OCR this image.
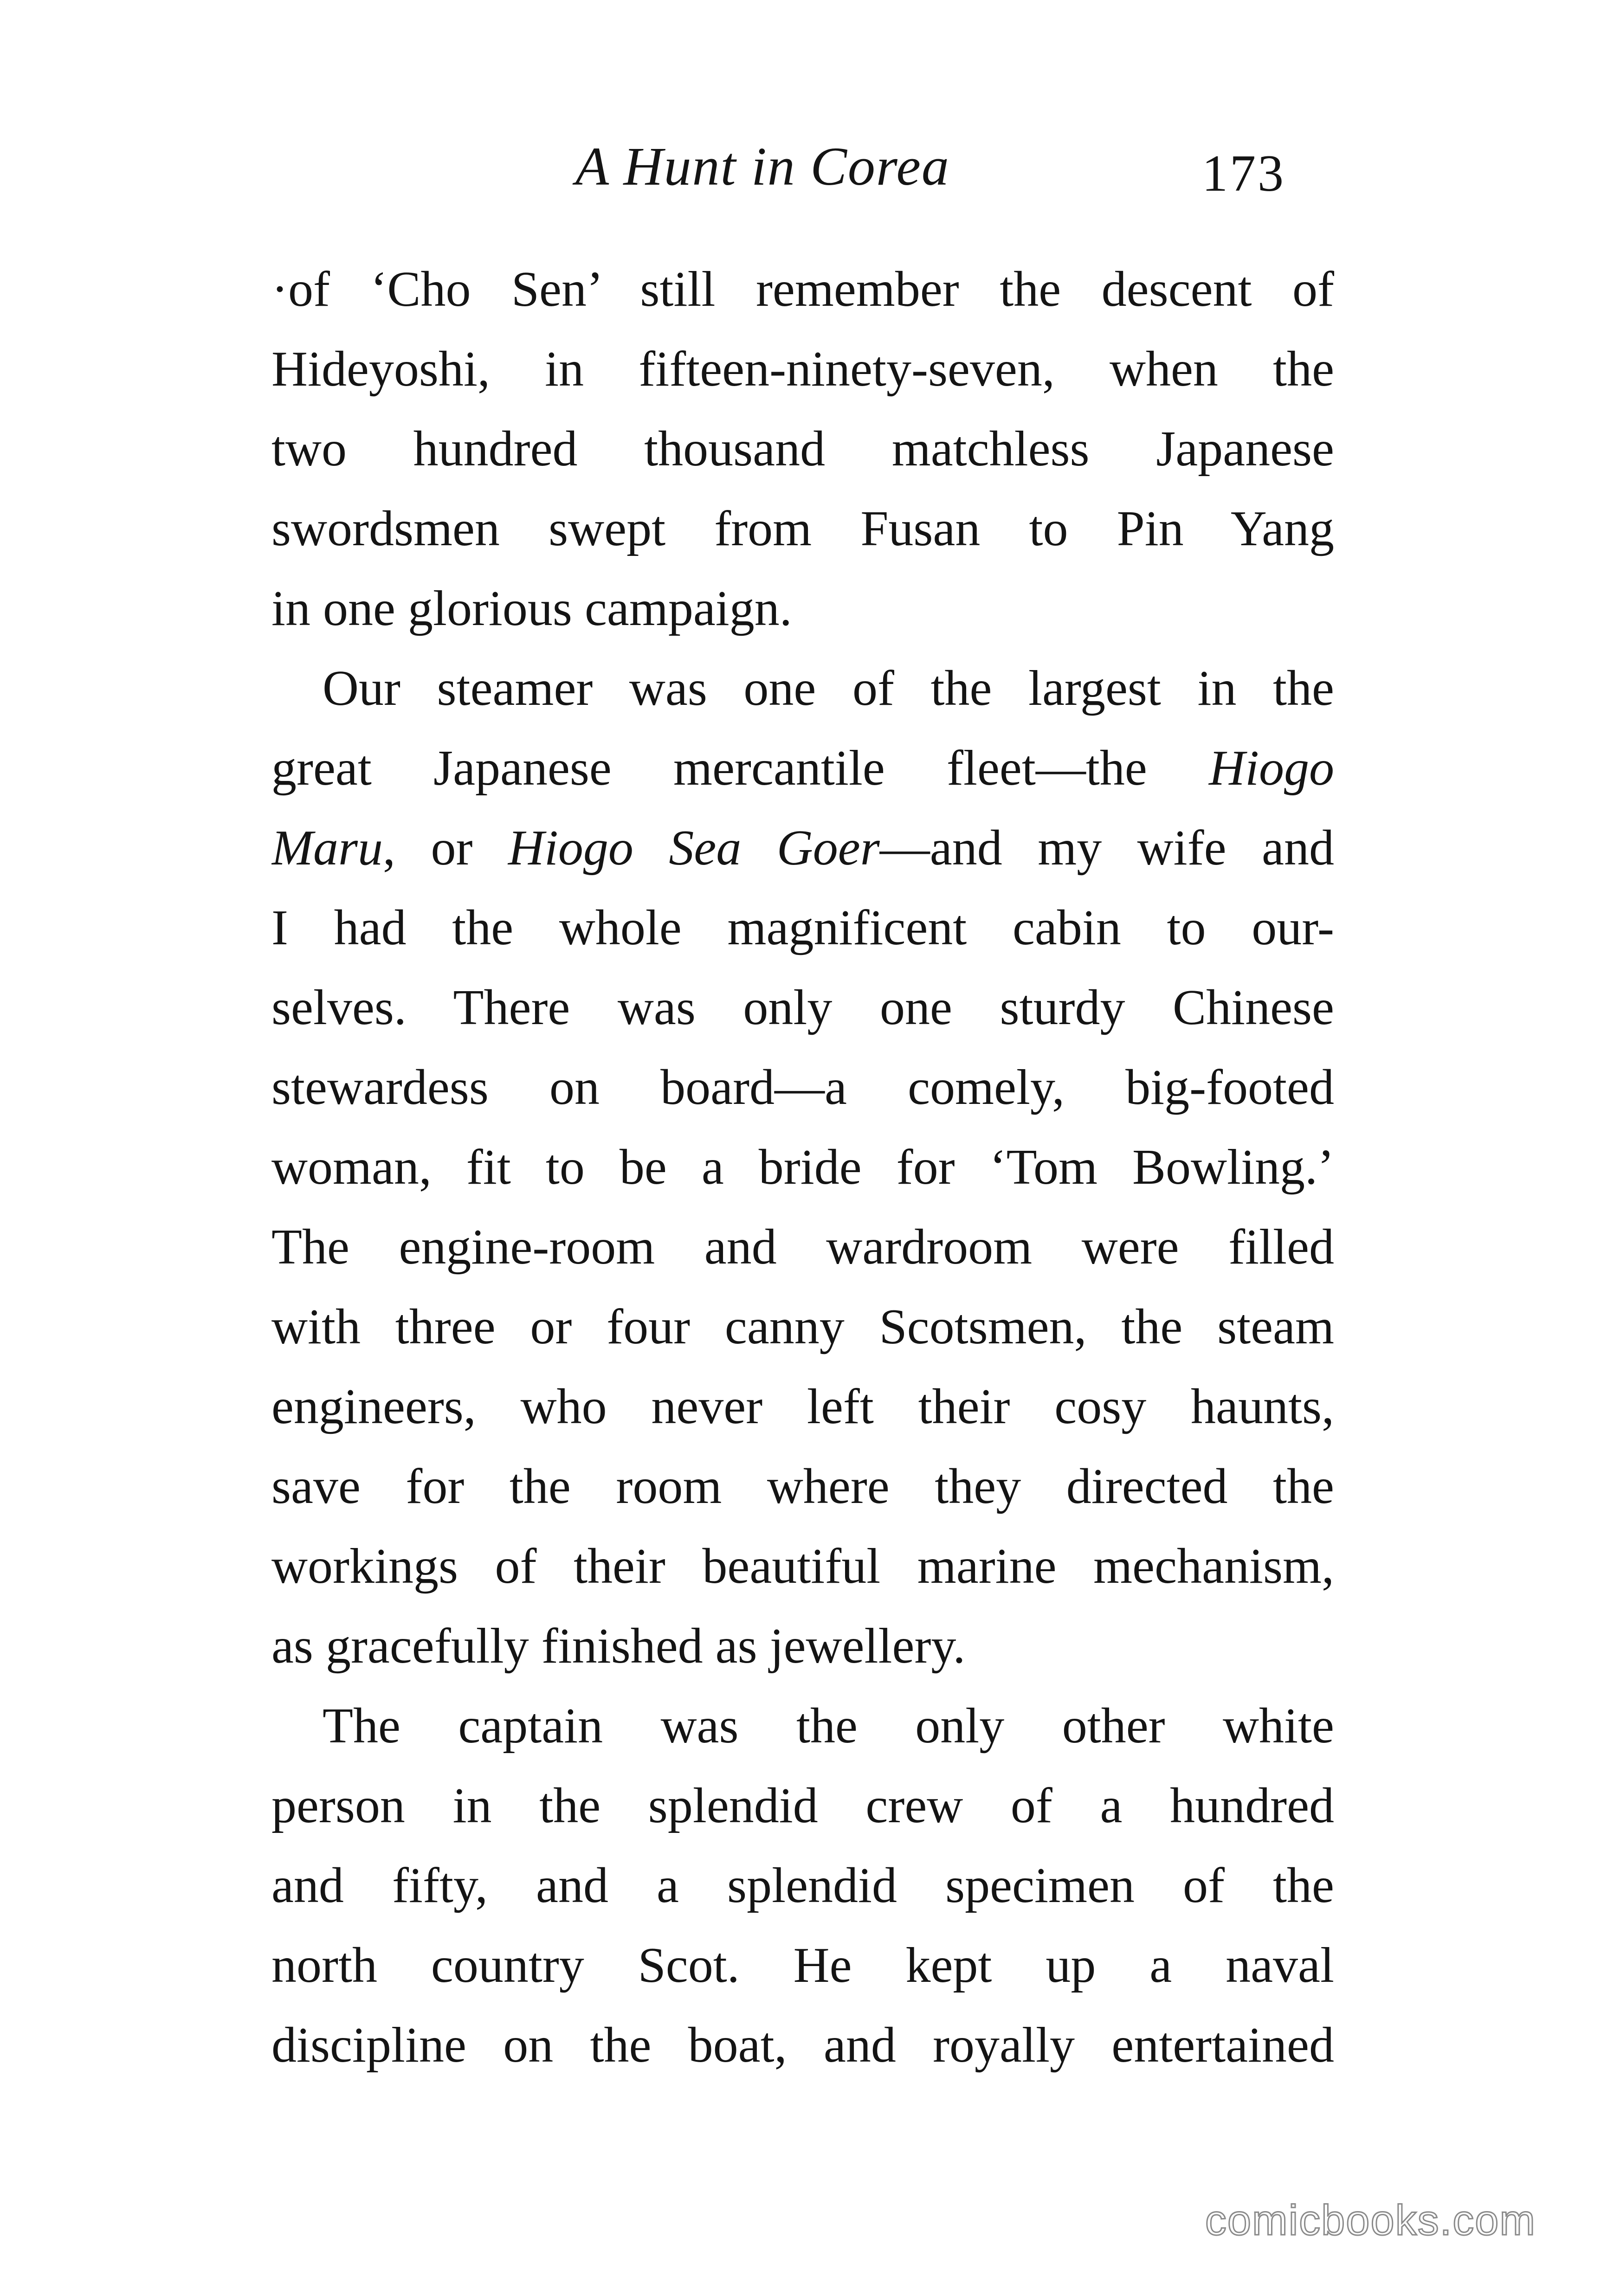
A Hunt in Corea	173
·of ‘Cho Sen’ still remember the descent of
Hideyoshi, in fifteen-ninety-seven, when the
two hundred thousand matchless Japanese
swordsmen swept from Fusan to Pin Yang
in one glorious campaign.
Our steamer was one of the largest in the
great Japanese mercantile fleet—the Hiogo
Maru, or Hiogo Sea Goer—and my wife and
I had the whole magnificent cabin to our-
selves. There was only one sturdy Chinese
stewardess on board—a comely, big-footed
woman, fit to be a bride for ‘Tom Bowling.’
The engine-room and wardroom were filled
with three or four canny Scotsmen, the steam
engineers, who never left their cosy haunts,
save for the room where they directed the
workings of their beautiful marine mechanism,
as gracefully finished as jewellery.
The captain was the only other white
person in the splendid crew of a hundred
and fifty, and a splendid specimen of the
north country Scot. He kept up a naval
discipline on the boat, and royally entertained
comicbooks.com
